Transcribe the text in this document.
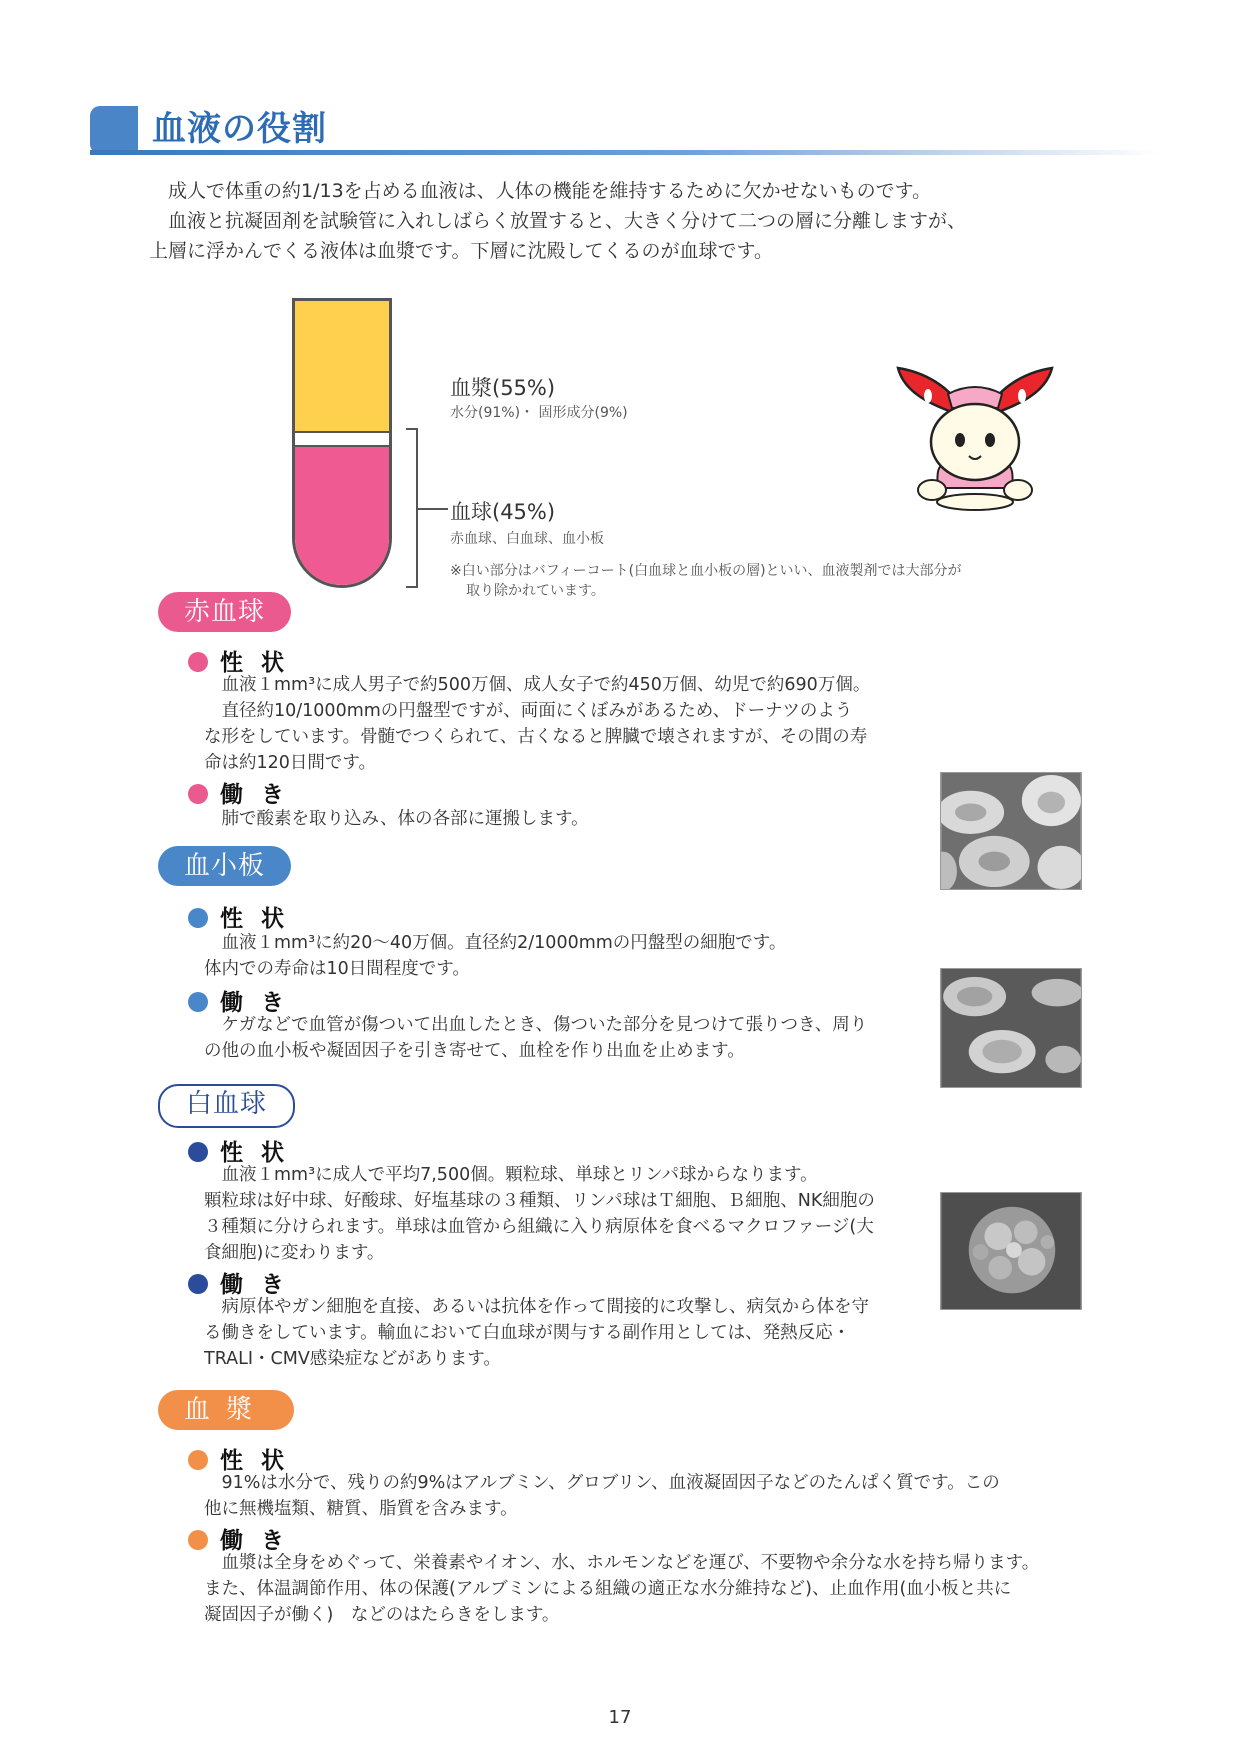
血液の役割
成人で体重の約1/13を占める血液は、人体の機能を維持するために欠かせないものです。
血液と抗凝固剤を試験管に入れしばらく放置すると、大きく分けて二つの層に分離しますが、
上層に浮かんでくる液体は血漿です。下層に沈殿してくるのが血球です。
血漿(55%)
水分(91%)・ 固形成分(9%)
血球(45%)
赤血球、白血球、血小板
※白い部分はバフィーコート(白血球と血小板の層)といい、血液製剤では大部分が
取り除かれています。
赤血球
性状

血液１mm³に成人男子で約500万個、成人女子で約450万個、幼児で約690万個。

直径約10/1000mmの円盤型ですが、両面にくぼみがあるため、ドーナツのよう

な形をしています。骨髄でつくられて、古くなると脾臓で壊されますが、その間の寿

命は約120日間です。

働き

肺で酸素を取り込み、体の各部に運搬します。

血小板
性状

血液１mm³に約20～40万個。直径約2/1000mmの円盤型の細胞です。

体内での寿命は10日間程度です。

働き

ケガなどで血管が傷ついて出血したとき、傷ついた部分を見つけて張りつき、周り

の他の血小板や凝固因子を引き寄せて、血栓を作り出血を止めます。

白血球
性状

血液１mm³に成人で平均7,500個。顆粒球、単球とリンパ球からなります。

顆粒球は好中球、好酸球、好塩基球の３種類、リンパ球はＴ細胞、Ｂ細胞、NK細胞の

３種類に分けられます。単球は血管から組織に入り病原体を食べるマクロファージ(大

食細胞)に変わります。

働き

病原体やガン細胞を直接、あるいは抗体を作って間接的に攻撃し、病気から体を守

る働きをしています。輸血において白血球が関与する副作用としては、発熱反応・

TRALI・CMV感染症などがあります。

血漿
性状

91%は水分で、残りの約9%はアルブミン、グロブリン、血液凝固因子などのたんぱく質です。この

他に無機塩類、糖質、脂質を含みます。

働き

血漿は全身をめぐって、栄養素やイオン、水、ホルモンなどを運び、不要物や余分な水を持ち帰ります。

また、体温調節作用、体の保護(アルブミンによる組織の適正な水分維持など)、止血作用(血小板と共に

凝固因子が働く)　などのはたらきをします。

17
